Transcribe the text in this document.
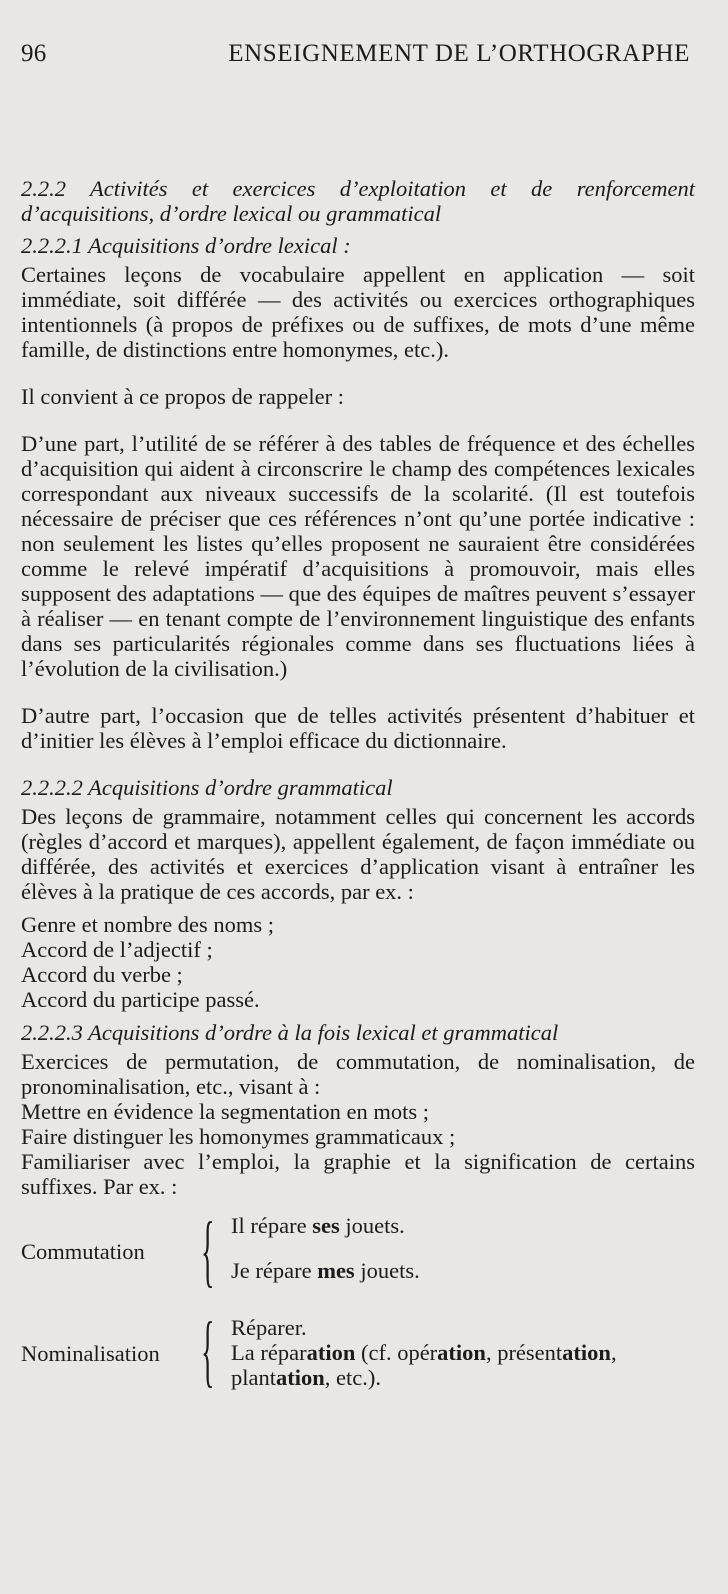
96	ENSEIGNEMENT DE L’ORTHOGRAPHE

2.2.2 Activités et exercices d’exploitation et de renforcement d’acquisitions, d’ordre lexical ou grammatical

2.2.2.1 Acquisitions d’ordre lexical :

Certaines leçons de vocabulaire appellent en application — soit immédiate, soit différée — des activités ou exercices orthographiques intentionnels (à propos de préfixes ou de suffixes, de mots d’une même famille, de distinctions entre homonymes, etc.).

Il convient à ce propos de rappeler :

D’une part, l’utilité de se référer à des tables de fréquence et des échelles d’acquisition qui aident à circonscrire le champ des compétences lexicales correspondant aux niveaux successifs de la scolarité. (Il est toutefois nécessaire de préciser que ces références n’ont qu’une portée indicative : non seulement les listes qu’elles proposent ne sauraient être considérées comme le relevé impératif d’acquisitions à promouvoir, mais elles supposent des adaptations — que des équipes de maîtres peuvent s’essayer à réaliser — en tenant compte de l’environnement linguistique des enfants dans ses particularités régionales comme dans ses fluctuations liées à l’évolution de la civilisation.)

D’autre part, l’occasion que de telles activités présentent d’habituer et d’initier les élèves à l’emploi efficace du dictionnaire.

2.2.2.2 Acquisitions d’ordre grammatical

Des leçons de grammaire, notamment celles qui concernent les accords (règles d’accord et marques), appellent également, de façon immédiate ou différée, des activités et exercices d’application visant à entraîner les élèves à la pratique de ces accords, par ex. :

Genre et nombre des noms ;

Accord de l’adjectif ;

Accord du verbe ;

Accord du participe passé.

2.2.2.3 Acquisitions d’ordre à la fois lexical et grammatical

Exercices de permutation, de commutation, de nominalisation, de pronominalisation, etc., visant à :

Mettre en évidence la segmentation en mots ;

Faire distinguer les homonymes grammaticaux ;

Familiariser avec l’emploi, la graphie et la signification de certains suffixes. Par ex. :

Commutation { Il répare ses jouets.
Je répare mes jouets.
Nominalisation { Réparer.
La réparation (cf. opération, présentation,
plantation, etc.).
